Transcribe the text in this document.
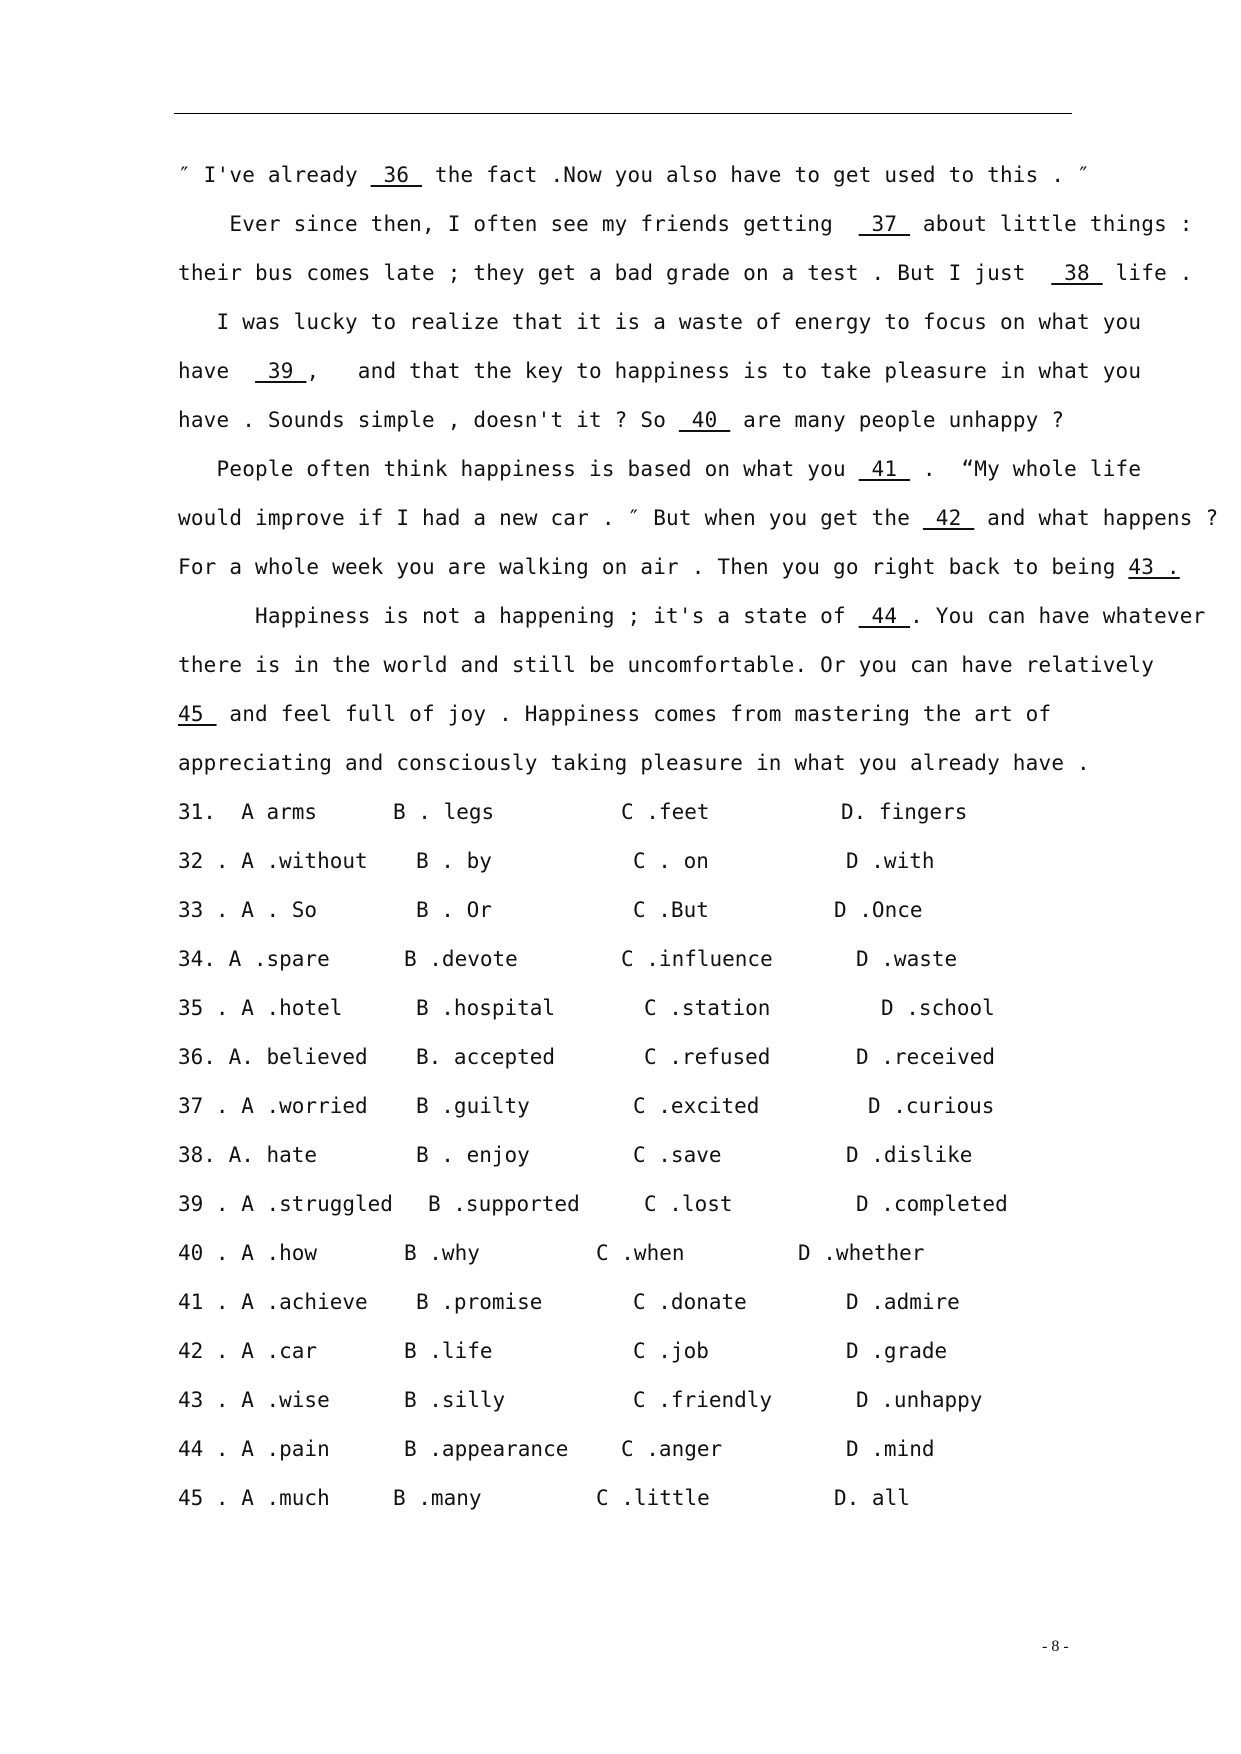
″ I've already  36  the fact .Now you also have to get used to this . ″
Ever since then, I often see my friends getting   37  about little things :
their bus comes late ; they get a bad grade on a test . But I just   38  life .
I was lucky to realize that it is a waste of energy to focus on what you
have   39 ,   and that the key to happiness is to take pleasure in what you
have . Sounds simple , doesn't it ? So  40  are many people unhappy ?
People often think happiness is based on what you  41  .  “My whole life
would improve if I had a new car . ″ But when you get the  42  and what happens ?
For a whole week you are walking on air . Then you go right back to being 43 .
Happiness is not a happening ; it's a state of  44 . You can have whatever
there is in the world and still be uncomfortable. Or you can have relatively
45  and feel full of joy . Happiness comes from mastering the art of
appreciating and consciously taking pleasure in what you already have .
31.  A arms	B . legs	C .feet	D. fingers
32 . A .without B . by	C . on	D .with
33 . A . So	B . Or	C .But	D .Once
34. A .spare	B .devote	C .influence	D .waste
35 . A .hotel	B .hospital	C .station	D .school
36. A. believed B. accepted	C .refused	D .received
37 . A .worried B .guilty	C .excited	D .curious
38. A. hate	B . enjoy	C .save	D .dislike
39 . A .struggled B .supported	C .lost	D .completed
40 . A .how	B .why	C .when	D .whether
41 . A .achieve B .promise	C .donate	D .admire
42 . A .car	B .life	C .job	D .grade
43 . A .wise	B .silly	C .friendly	D .unhappy
44 . A .pain	B .appearance	C .anger	D .mind
45 . A .much	B .many	C .little	D. all
- 8 -
